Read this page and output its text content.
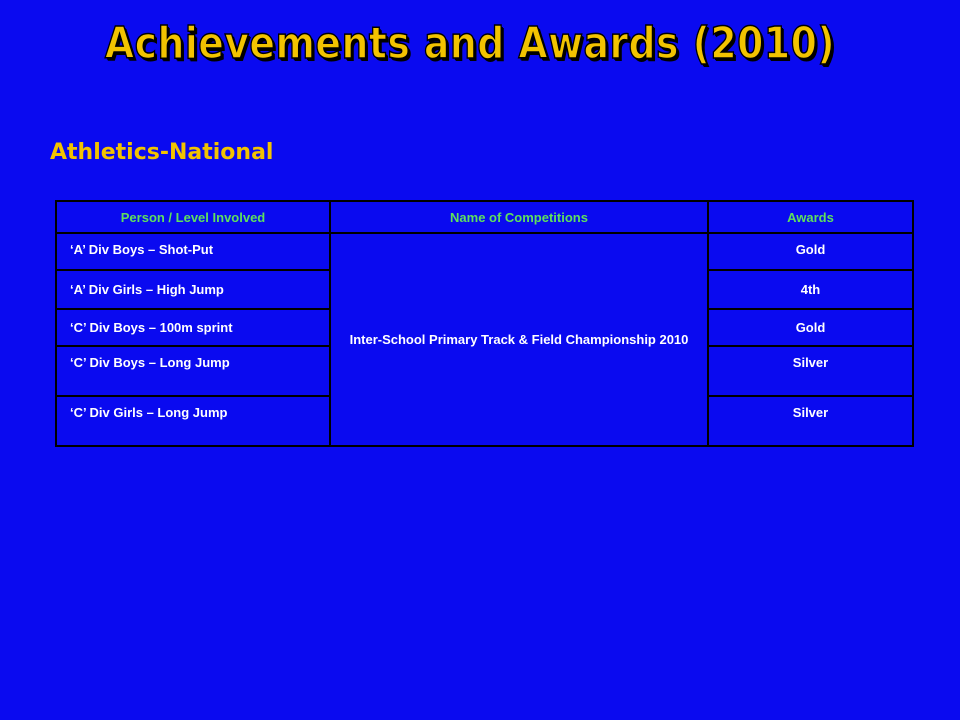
Achievements and Awards (2010)
Athletics-National
Person / Level Involved	Name of Competitions	Awards
‘A’ Div Boys – Shot-Put	Inter-School Primary Track & Field Championship 2010	Gold
‘A’ Div Girls – High Jump		4th
‘C’ Div Boys – 100m sprint		Gold
‘C’ Div Boys – Long Jump		Silver
‘C’ Div Girls – Long Jump		Silver
